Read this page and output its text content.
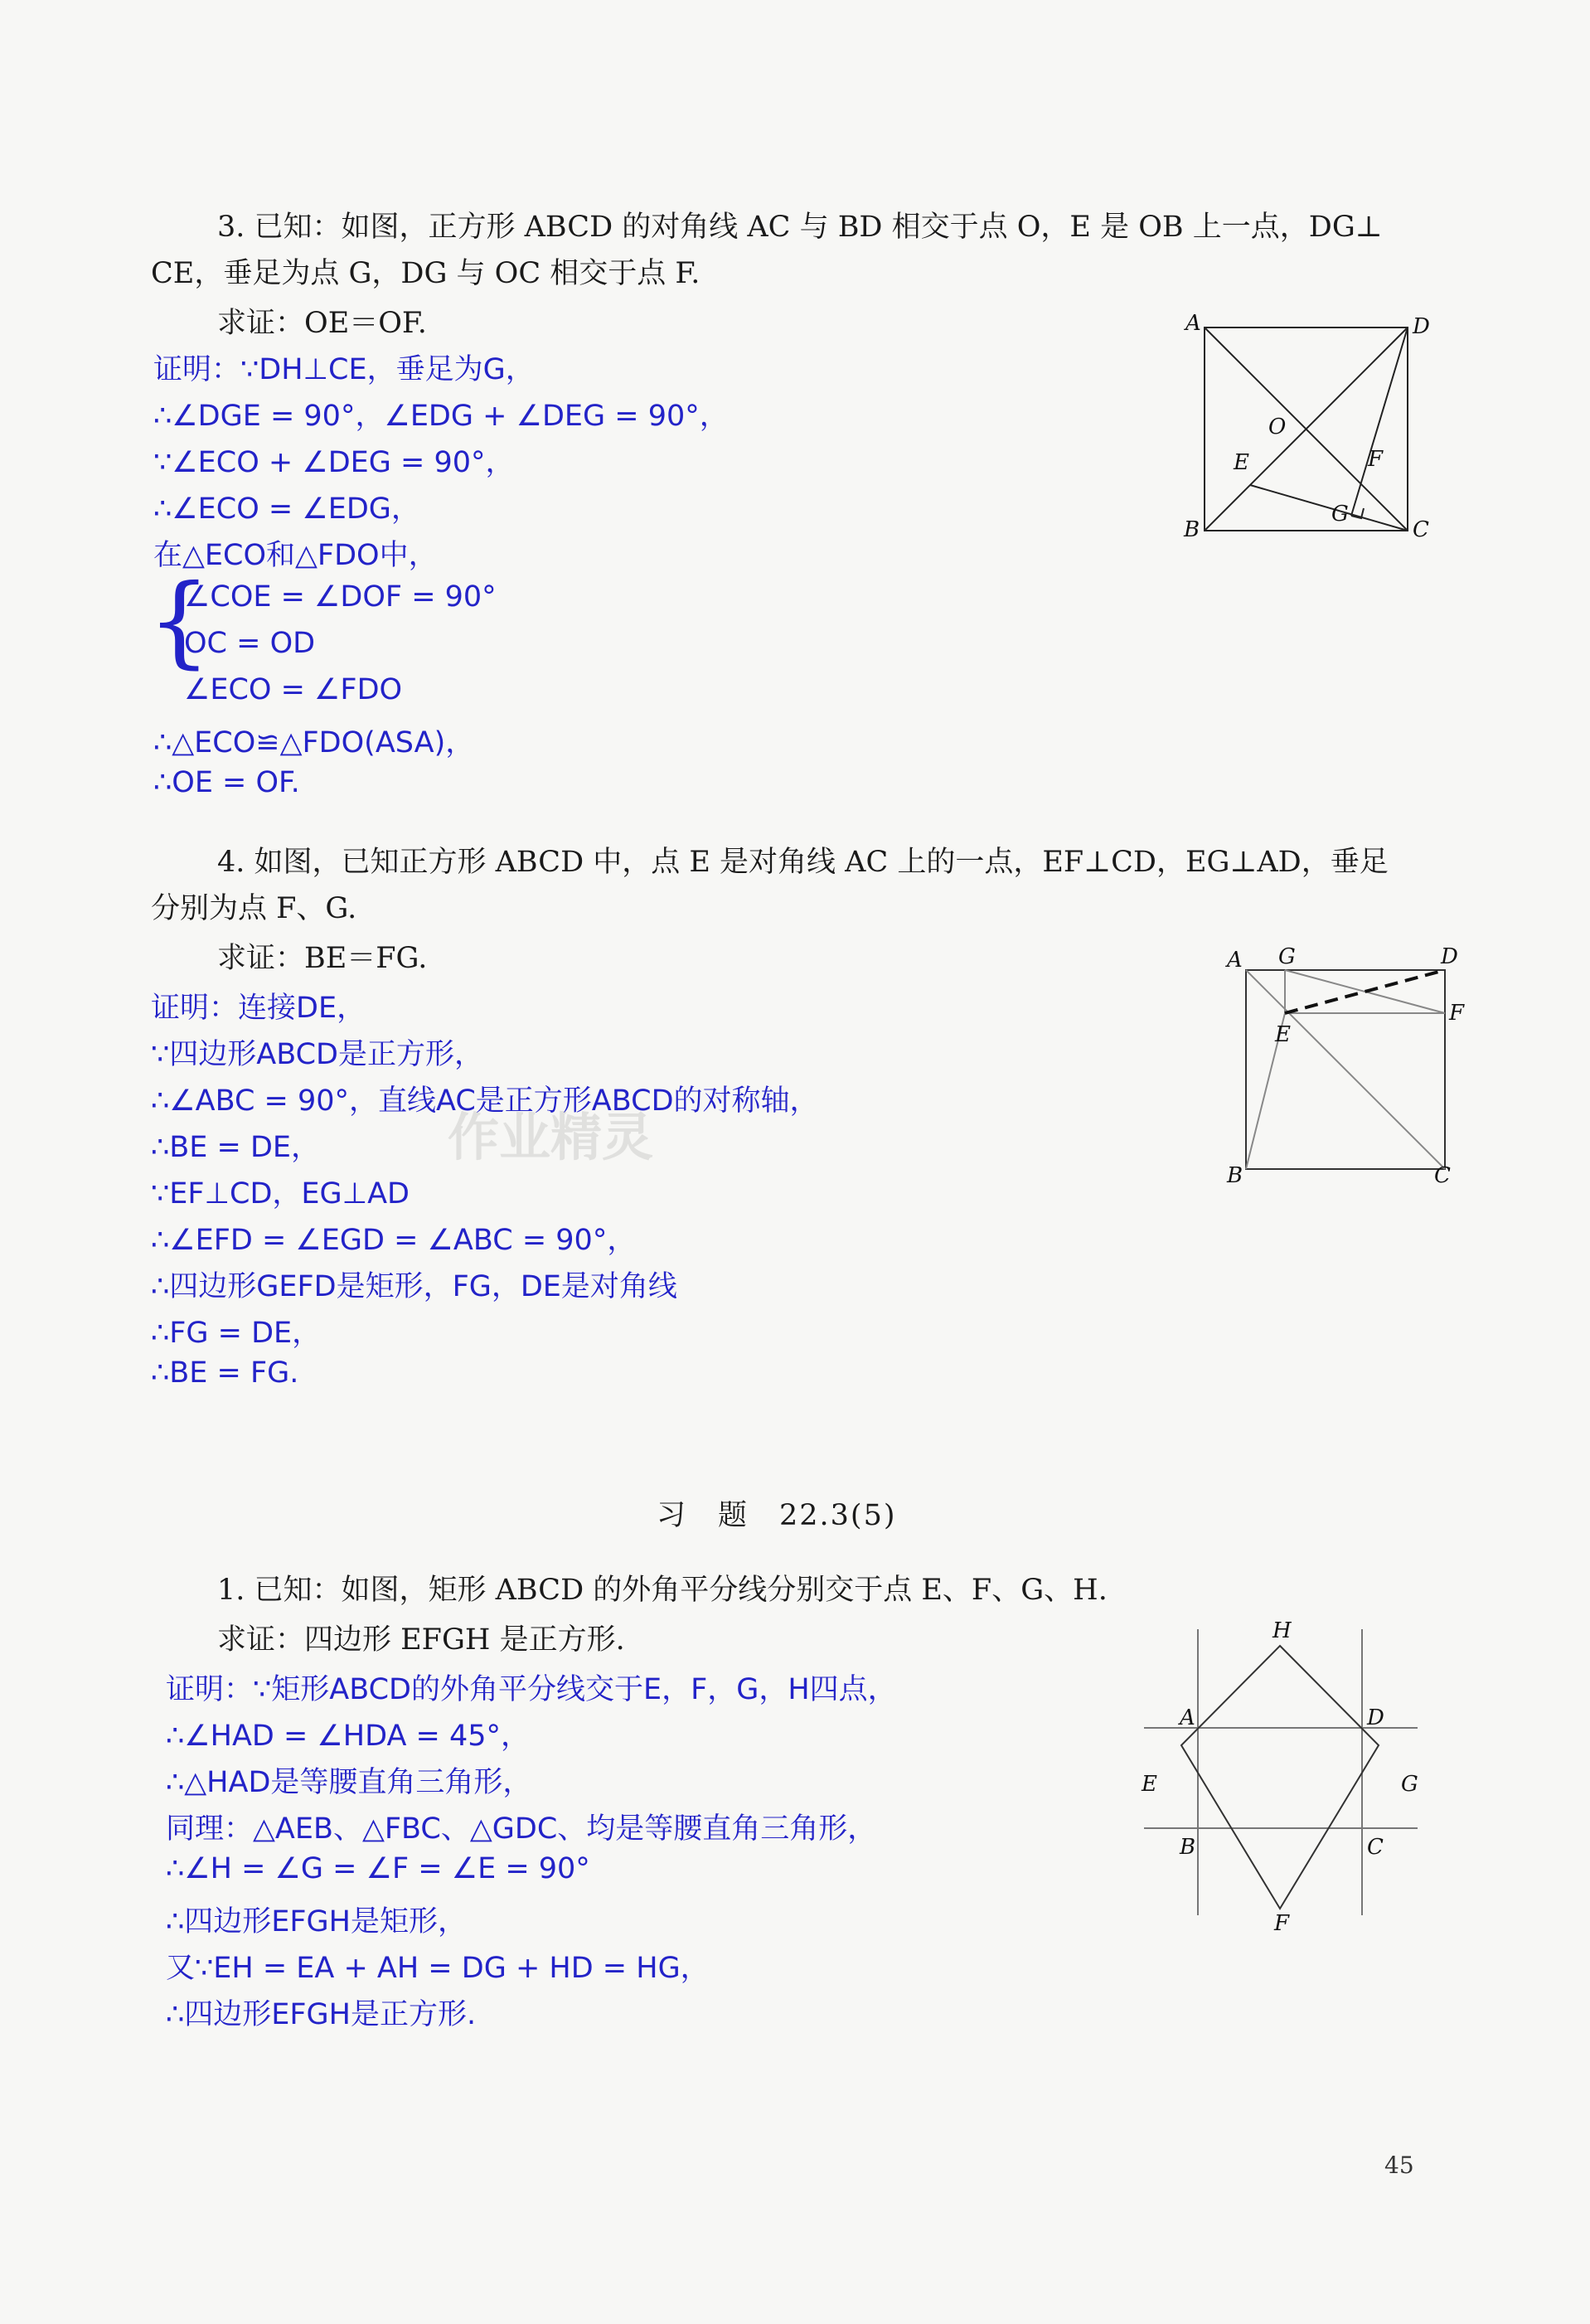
3. 已知：如图，正方形 ABCD 的对角线 AC 与 BD 相交于点 O，E 是 OB 上一点，DG⊥
CE，垂足为点 G，DG 与 OC 相交于点 F.
求证：OE＝OF.
证明：∵DH⊥CE，垂足为G，
∴∠DGE = 90°，∠EDG + ∠DEG = 90°，
∵∠ECO + ∠DEG = 90°，
∴∠ECO = ∠EDG，
在△ECO和△FDO中，
{
∠COE = ∠DOF = 90°
OC = OD
∠ECO = ∠FDO
∴△ECO≌△FDO(ASA)，
∴OE = OF.
A	D
B	C
O
E	F
G
4. 如图，已知正方形 ABCD 中，点 E 是对角线 AC 上的一点，EF⊥CD，EG⊥AD，垂足
分别为点 F、G.
求证：BE＝FG.
证明：连接DE，
∵四边形ABCD是正方形，
∴∠ABC = 90°，直线AC是正方形ABCD的对称轴，
∴BE = DE，
∵EF⊥CD，EG⊥AD
∴∠EFD = ∠EGD = ∠ABC = 90°，
∴四边形GEFD是矩形，FG，DE是对角线
∴FG = DE，
∴BE = FG.
作业精灵
A G	D
F
E
B	C
习　题　22.3(5)
1. 已知：如图，矩形 ABCD 的外角平分线分别交于点 E、F、G、H.
求证：四边形 EFGH 是正方形.
证明：∵矩形ABCD的外角平分线交于E，F，G，H四点，
∴∠HAD = ∠HDA = 45°，
∴△HAD是等腰直角三角形，
同理：△AEB、△FBC、△GDC、均是等腰直角三角形，
∴∠H = ∠G = ∠F = ∠E = 90°
∴四边形EFGH是矩形，
又∵EH = EA + AH = DG + HD = HG，
∴四边形EFGH是正方形.
H
A	D
E	G
B	C
F
45
